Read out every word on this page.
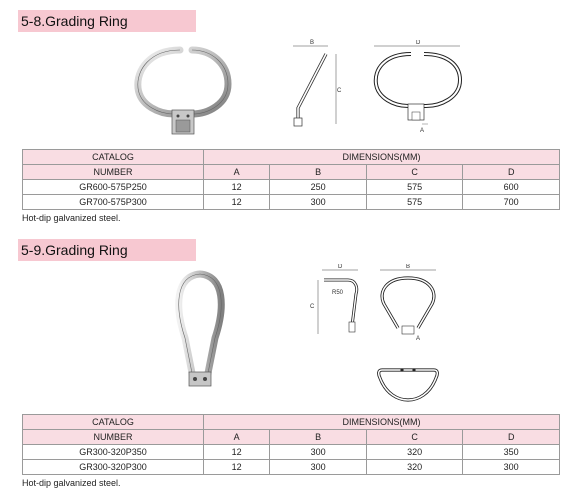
5-8.Grading Ring
B
C
D
A
CATALOG	DIMENSIONS(MM)			
NUMBER	A	B	C	D
GR600-575P250	12	250	575	600
GR700-575P300	12	300	575	700
Hot-dip galvanized steel.
5-9.Grading Ring
D
C
R50
B
A
CATALOG	DIMENSIONS(MM)			
NUMBER	A	B	C	D
GR300-320P350	12	300	320	350
GR300-320P300	12	300	320	300
Hot-dip galvanized steel.
